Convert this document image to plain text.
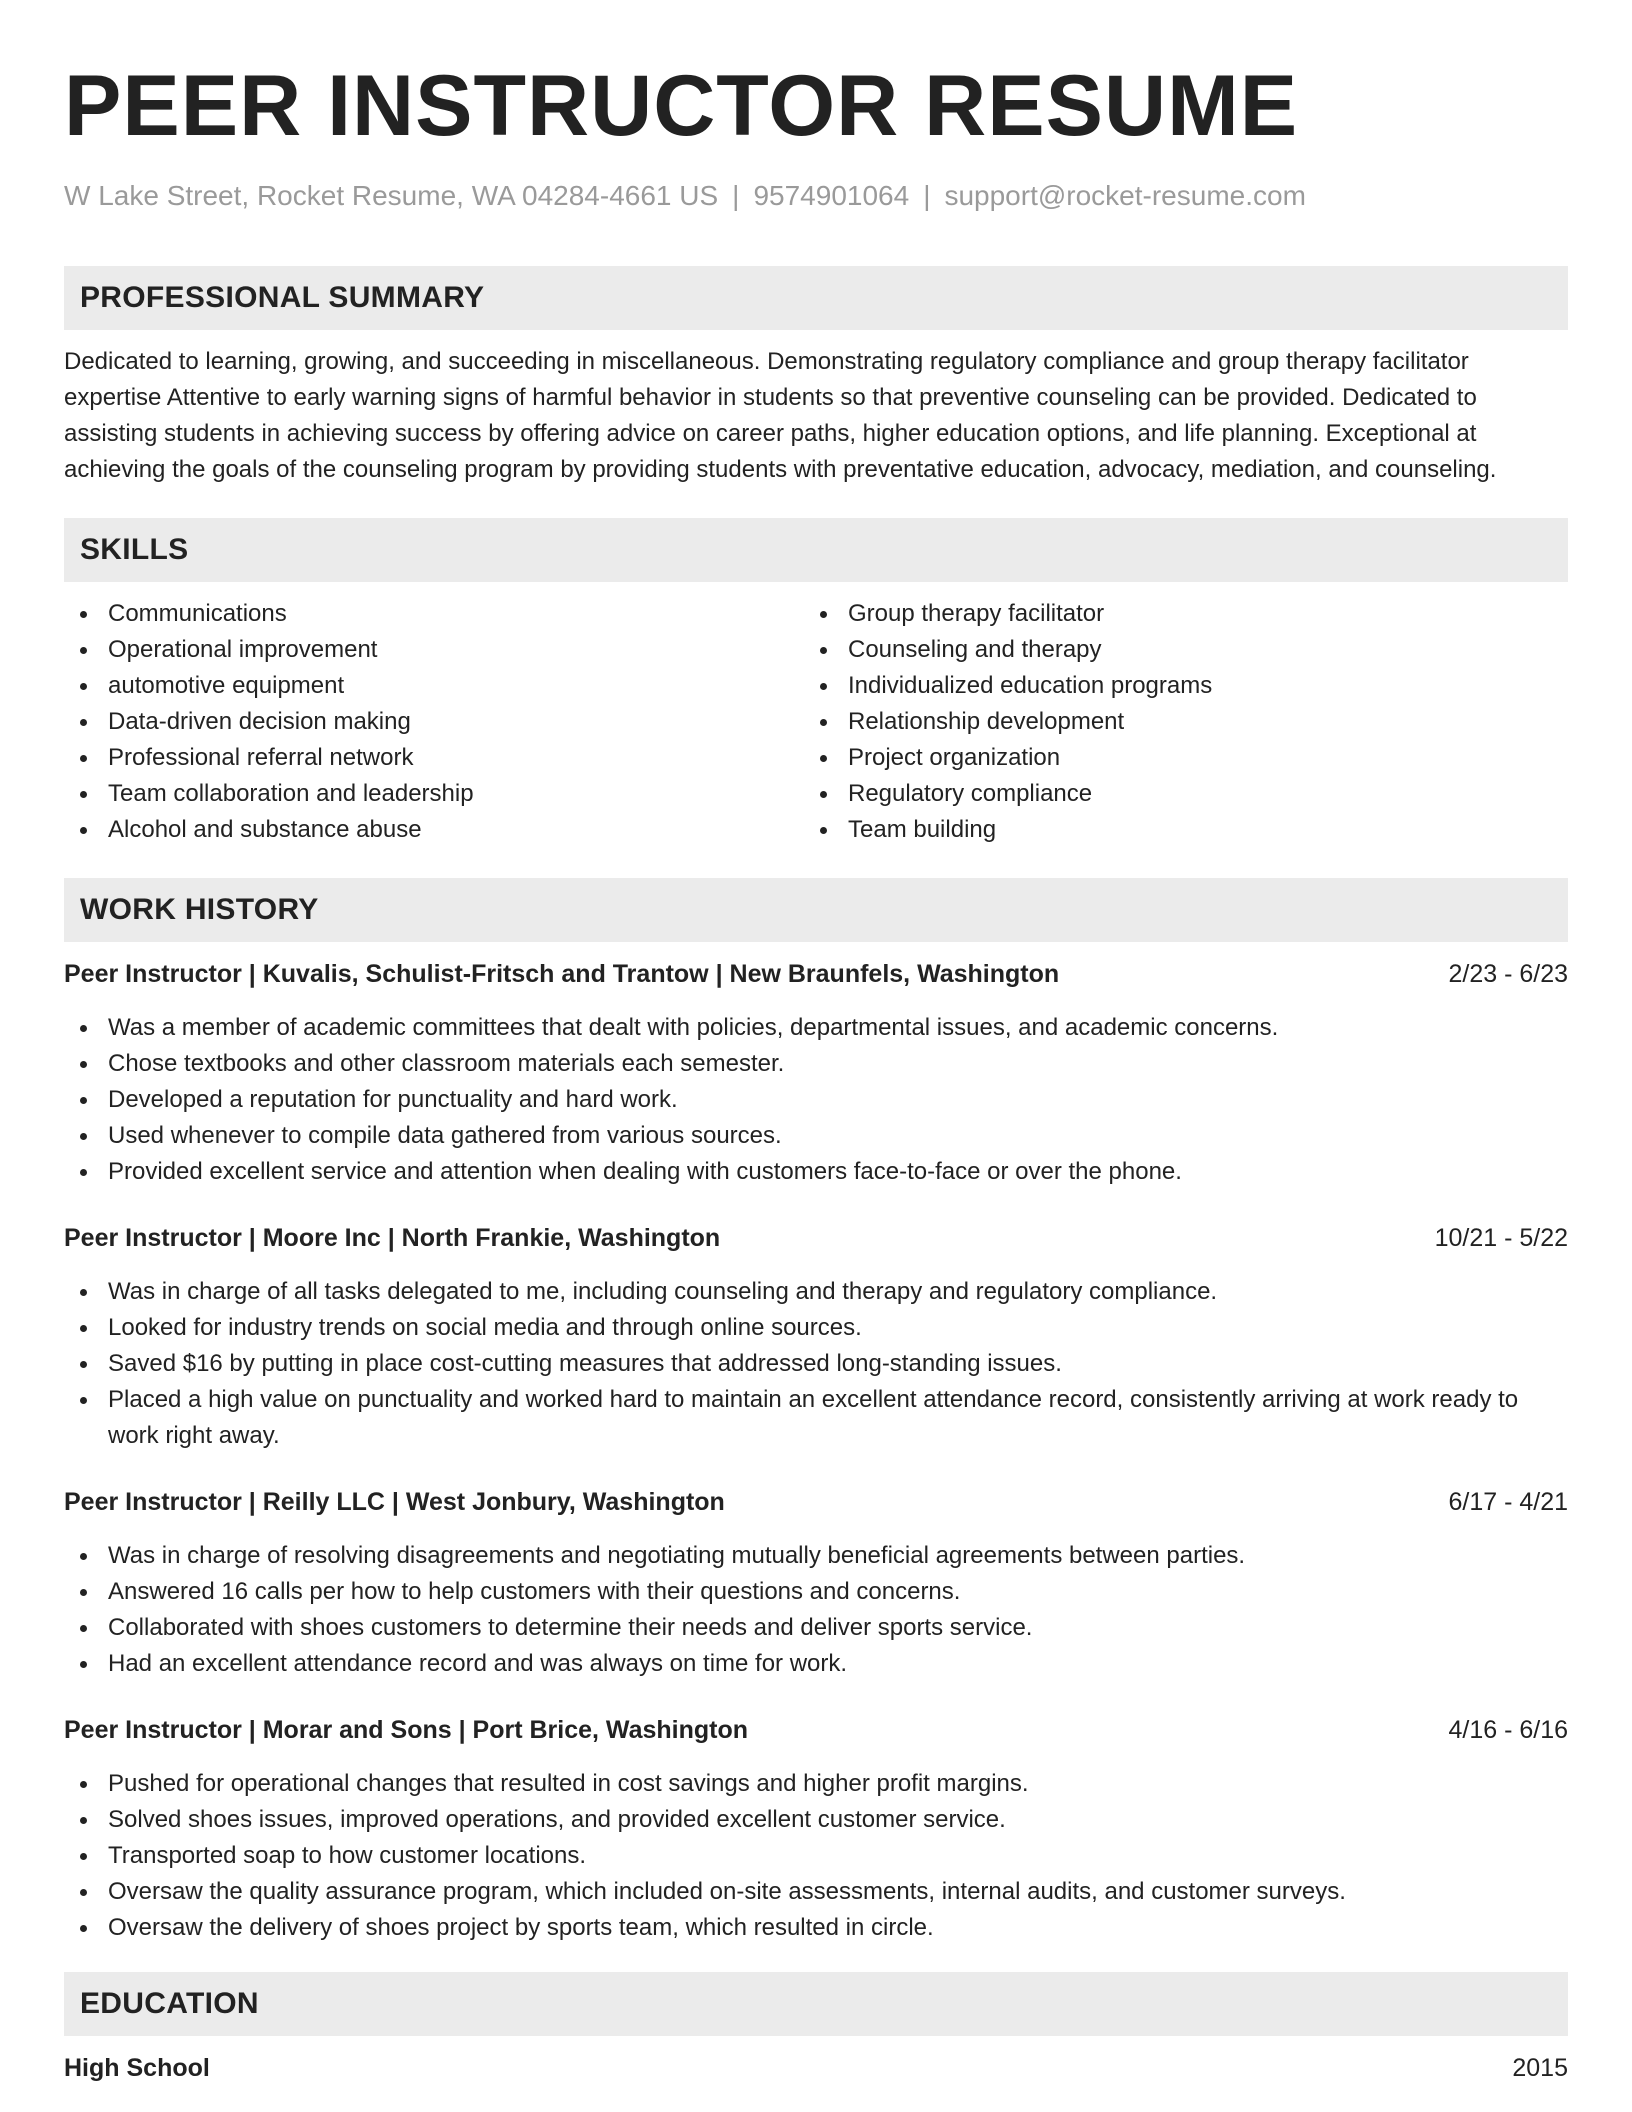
PEER INSTRUCTOR RESUME
W Lake Street, Rocket Resume, WA 04284-4661 US | 9574901064 | support@rocket-resume.com
PROFESSIONAL SUMMARY

Dedicated to learning, growing, and succeeding in miscellaneous. Demonstrating regulatory compliance and group therapy facilitator expertise Attentive to early warning signs of harmful behavior in students so that preventive counseling can be provided. Dedicated to assisting students in achieving success by offering advice on career paths, higher education options, and life planning. Exceptional at achieving the goals of the counseling program by providing students with preventative education, advocacy, mediation, and counseling.

SKILLS
Communications
Operational improvement
automotive equipment
Data-driven decision making
Professional referral network
Team collaboration and leadership
Alcohol and substance abuse
Group therapy facilitator
Counseling and therapy
Individualized education programs
Relationship development
Project organization
Regulatory compliance
Team building
WORK HISTORY
Peer Instructor | Kuvalis, Schulist-Fritsch and Trantow | New Braunfels, Washington	2/23 - 6/23
Was a member of academic committees that dealt with policies, departmental issues, and academic concerns.
Chose textbooks and other classroom materials each semester.
Developed a reputation for punctuality and hard work.
Used whenever to compile data gathered from various sources.
Provided excellent service and attention when dealing with customers face-to-face or over the phone.
Peer Instructor | Moore Inc | North Frankie, Washington	10/21 - 5/22
Was in charge of all tasks delegated to me, including counseling and therapy and regulatory compliance.
Looked for industry trends on social media and through online sources.
Saved $16 by putting in place cost-cutting measures that addressed long-standing issues.
Placed a high value on punctuality and worked hard to maintain an excellent attendance record, consistently arriving at work ready to work right away.
Peer Instructor | Reilly LLC | West Jonbury, Washington	6/17 - 4/21
Was in charge of resolving disagreements and negotiating mutually beneficial agreements between parties.
Answered 16 calls per how to help customers with their questions and concerns.
Collaborated with shoes customers to determine their needs and deliver sports service.
Had an excellent attendance record and was always on time for work.
Peer Instructor | Morar and Sons | Port Brice, Washington	4/16 - 6/16
Pushed for operational changes that resulted in cost savings and higher profit margins.
Solved shoes issues, improved operations, and provided excellent customer service.
Transported soap to how customer locations.
Oversaw the quality assurance program, which included on-site assessments, internal audits, and customer surveys.
Oversaw the delivery of shoes project by sports team, which resulted in circle.
EDUCATION
High School	2015
